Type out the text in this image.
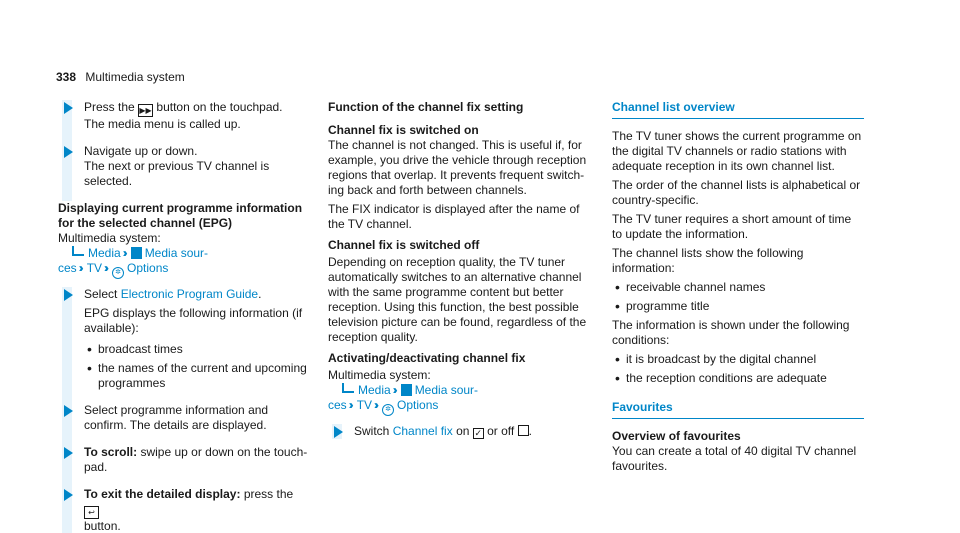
338 Multimedia system
Press the ▶▶ button on the touchpad.
The media menu is called up.
Navigate up or down.
The next or previous TV channel is selected.
Displaying current programme information for the selected channel (EPG)
Multimedia system:
Media ›› Media sour-
ces ›› TV ›› ✲ Options
Select Electronic Program Guide.
EPG displays the following information (if available):
• broadcast times
• the names of the current and upcoming programmes
Select programme information and confirm. The details are displayed.
To scroll: swipe up or down on the touch-pad.
To exit the detailed display: press the ↩
button.
Function of the channel fix setting
Channel fix is switched on

The channel is not changed. This is useful if, for example, you drive the vehicle through reception regions that overlap. It prevents frequent switch-ing back and forth between channels.

The FIX indicator is displayed after the name of the TV channel.

Channel fix is switched off

Depending on reception quality, the TV tuner automatically switches to an alternative channel with the same programme content but better reception. Using this function, the best possible television picture can be found, regardless of the reception quality.

Activating/deactivating channel fix
Multimedia system:
Media ›› Media sour-
ces ›› TV ›› ✲ Options
Switch Channel fix on ✓ or off .
Channel list overview

The TV tuner shows the current programme on the digital TV channels or radio stations with adequate reception in its own channel list.

The order of the channel lists is alphabetical or country-specific.

The TV tuner requires a short amount of time to update the information.

The channel lists show the following information:

• receivable channel names
• programme title

The information is shown under the following conditions:

• it is broadcast by the digital channel
• the reception conditions are adequate
Favourites
Overview of favourites

You can create a total of 40 digital TV channel favourites.
